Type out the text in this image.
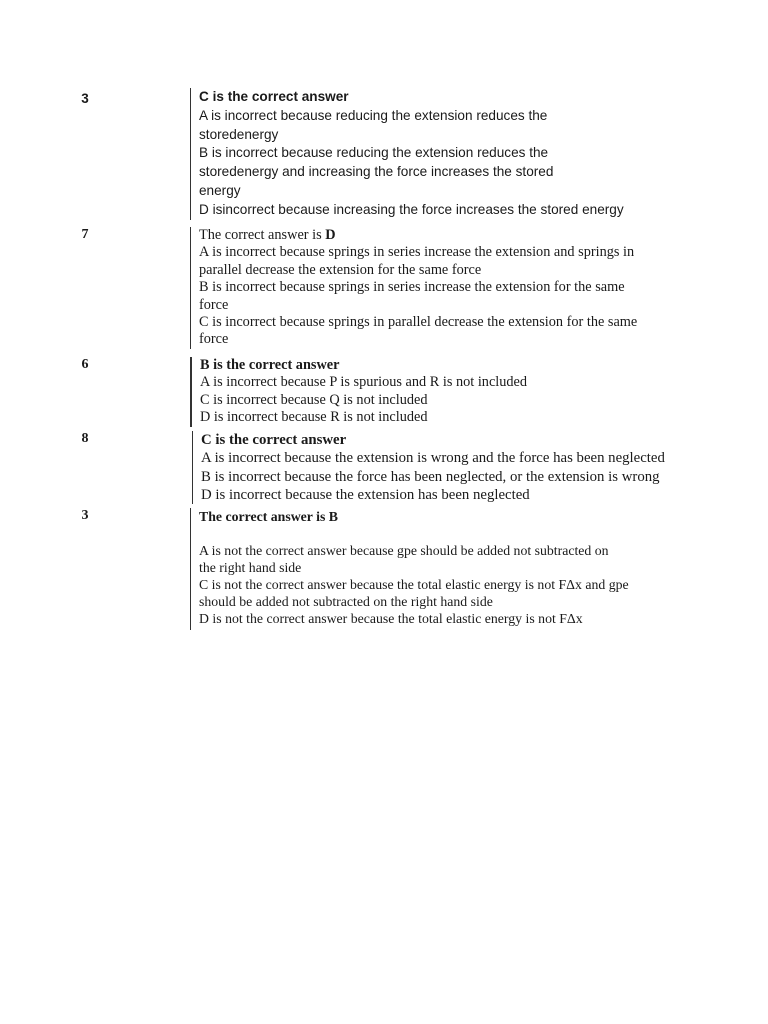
3	C is the correct answer
A is incorrect because reducing the extension reduces the
storedenergy
B is incorrect because reducing the extension reduces the
storedenergy and increasing the force increases the stored
energy
D isincorrect because increasing the force increases the stored energy
7	The correct answer is D
A is incorrect because springs in series increase the extension and springs in
parallel decrease the extension for the same force
B is incorrect because springs in series increase the extension for the same
force
C is incorrect because springs in parallel decrease the extension for the same
force
6	B is the correct answer
A is incorrect because P is spurious and R is not included
C is incorrect because Q is not included
D is incorrect because R is not included
8	C is the correct answer
A is incorrect because the extension is wrong and the force has been neglected
B is incorrect because the force has been neglected, or the extension is wrong
D is incorrect because the extension has been neglected
3	The correct answer is B
A is not the correct answer because gpe should be added not subtracted on
the right hand side
C is not the correct answer because the total elastic energy is not FΔx and gpe
should be added not subtracted on the right hand side
D is not the correct answer because the total elastic energy is not FΔx
